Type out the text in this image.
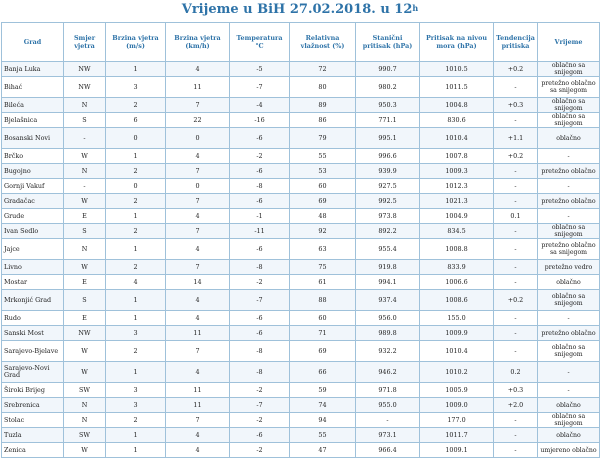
Vrijeme u BiH 27.02.2018. u 12$^h$
Grad	Smjer vjetra	Brzina vjetra (m/s)	Brzina vjetra (km/h)	Temperatura °C	Relativna vlažnost (%)	Stanični pritisak (hPa)	Pritisak na nivou mora (hPa)	Tendencija pritiska	Vrijeme
Banja Luka	NW	1	4	-5	72	990.7	1010.5	+0.2	oblačno sa snijegom
Bihać	NW	3	11	-7	80	980.2	1011.5	-	pretežno oblačno sa snijegom
Bileća	N	2	7	-4	89	950.3	1004.8	+0.3	oblačno sa snijegom
Bjelašnica	S	6	22	-16	86	771.1	830.6	-	oblačno sa snijegom
Bosanski Novi	-	0	0	-6	79	995.1	1010.4	+1.1	oblačno
Brčko	W	1	4	-2	55	996.6	1007.8	+0.2	-
Bugojno	N	2	7	-6	53	939.9	1009.3	-	pretežno oblačno
Gornji Vakuf	-	0	0	-8	60	927.5	1012.3	-	-
Gradačac	W	2	7	-6	69	992.5	1021.3	-	pretežno oblačno
Grude	E	1	4	-1	48	973.8	1004.9	0.1	-
Ivan Sedlo	S	2	7	-11	92	892.2	834.5	-	oblačno sa snijegom
Jajce	N	1	4	-6	63	955.4	1008.8	-	pretežno oblačno sa snijegom
Livno	W	2	7	-8	75	919.8	833.9	-	pretežno vedro
Mostar	E	4	14	-2	61	994.1	1006.6	-	oblačno
Mrkonjić Grad	S	1	4	-7	88	937.4	1008.6	+0.2	oblačno sa snijegom
Rudo	E	1	4	-6	60	956.0	155.0	-	-
Sanski Most	NW	3	11	-6	71	989.8	1009.9	-	pretežno oblačno
Sarajevo-Bjelave	W	2	7	-8	69	932.2	1010.4	-	oblačno sa snijegom
Sarajevo-Novi Grad	W	1	4	-8	66	946.2	1010.2	0.2	-
Široki Brijeg	SW	3	11	-2	59	971.8	1005.9	+0.3	-
Srebrenica	N	3	11	-7	74	955.0	1009.0	+2.0	oblačno
Stolac	N	2	7	-2	94	-	177.0	-	oblačno sa snijegom
Tuzla	SW	1	4	-6	55	973.1	1011.7	-	oblačno
Zenica	W	1	4	-2	47	966.4	1009.1	-	umjereno oblačno
